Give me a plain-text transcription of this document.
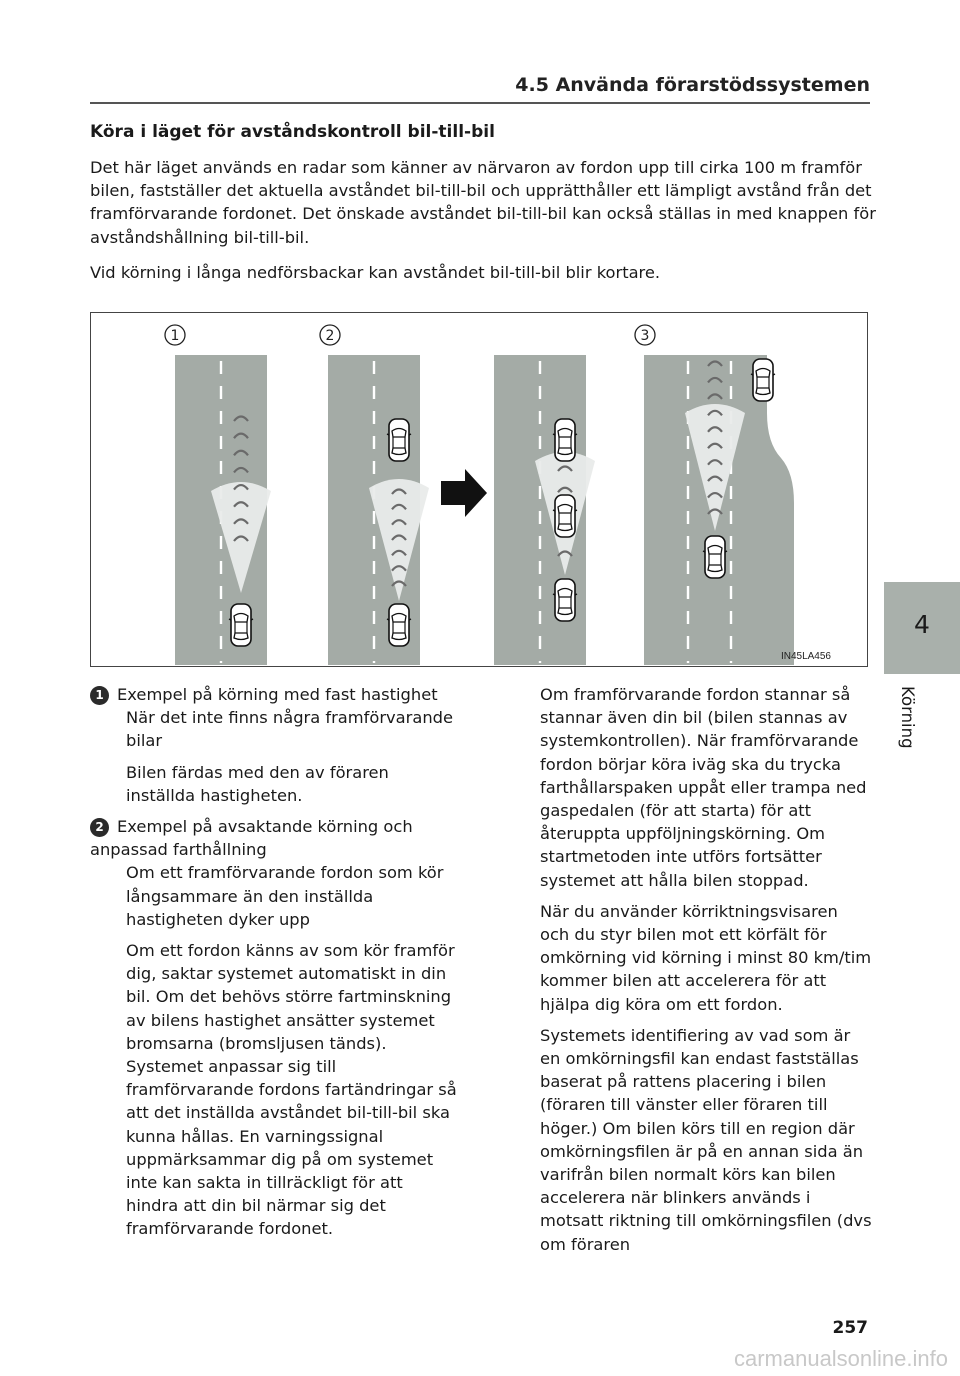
4.5 Använda förarstödssystemen
Köra i läget för avståndskontroll bil-till-bil

Det här läget används en radar som känner av närvaron av fordon upp till cirka 100 m framför bilen, fastställer det aktuella avståndet bil-till-bil och upprätthåller ett lämpligt avstånd från det framförvarande fordonet. Det önskade avståndet bil-till-bil kan också ställas in med knappen för avståndshållning bil-till-bil.

Vid körning i långa nedförsbackar kan avståndet bil-till-bil blir kortare.

1	2	3
IN45LA456

1 Exempel på körning med fast hastighet

När det inte finns några framförvarande bilar

Bilen färdas med den av föraren inställda hastigheten.

2 Exempel på avsaktande körning och anpassad farthållning

Om ett framförvarande fordon som kör långsammare än den inställda hastigheten dyker upp

Om ett fordon känns av som kör framför dig, saktar systemet automatiskt in din bil. Om det behövs större fartminskning av bilens hastighet ansätter systemet bromsarna (bromsljusen tänds). Systemet anpassar sig till framförvarande fordons fartändringar så att det inställda avståndet bil-till-bil ska kunna hållas. En varningssignal uppmärksammar dig på om systemet inte kan sakta in tillräckligt för att hindra att din bil närmar sig det framförvarande fordonet.

Om framförvarande fordon stannar så stannar även din bil (bilen stannas av systemkontrollen). När framförvarande fordon börjar köra iväg ska du trycka farthållarspaken uppåt eller trampa ned gaspedalen (för att starta) för att återuppta uppföljningskörning. Om startmetoden inte utförs fortsätter systemet att hålla bilen stoppad.

När du använder körriktningsvisaren och du styr bilen mot ett körfält för omkörning vid körning i minst 80 km/tim kommer bilen att accelerera för att hjälpa dig köra om ett fordon.

Systemets identifiering av vad som är en omkörningsfil kan endast fastställas baserat på rattens placering i bilen (föraren till vänster eller föraren till höger.) Om bilen körs till en region där omkörningsfilen är på en annan sida än varifrån bilen normalt körs kan bilen accelerera när blinkers används i motsatt riktning till omkörningsfilen (dvs om föraren

4
Körning
257
carmanualsonline.info
